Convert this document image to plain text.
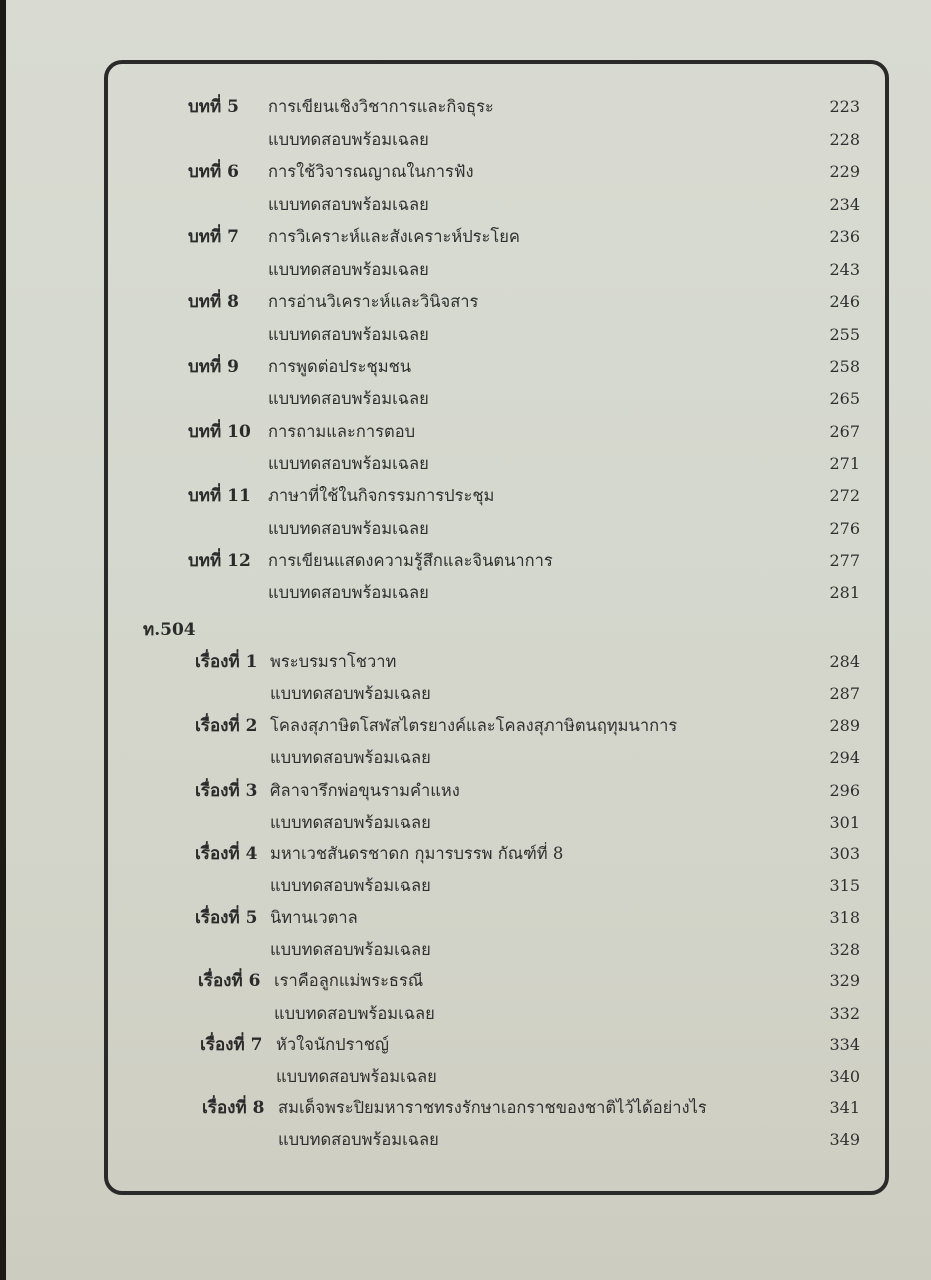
บทที่ 5 การเขียนเชิงวิชาการและกิจธุระ	223
แบบทดสอบพร้อมเฉลย	228
บทที่ 6 การใช้วิจารณญาณในการฟัง	229
แบบทดสอบพร้อมเฉลย	234
บทที่ 7 การวิเคราะห์และสังเคราะห์ประโยค	236
แบบทดสอบพร้อมเฉลย	243
บทที่ 8 การอ่านวิเคราะห์และวินิจสาร	246
แบบทดสอบพร้อมเฉลย	255
บทที่ 9 การพูดต่อประชุมชน	258
แบบทดสอบพร้อมเฉลย	265
บทที่ 10 การถามและการตอบ	267
แบบทดสอบพร้อมเฉลย	271
บทที่ 11 ภาษาที่ใช้ในกิจกรรมการประชุม	272
แบบทดสอบพร้อมเฉลย	276
บทที่ 12 การเขียนแสดงความรู้สึกและจินตนาการ	277
แบบทดสอบพร้อมเฉลย	281
ท.504
เรื่องที่ 1 พระบรมราโชวาท	284
แบบทดสอบพร้อมเฉลย	287
เรื่องที่ 2 โคลงสุภาษิตโสฬสไตรยางค์และโคลงสุภาษิตนฤทุมนาการ	289
แบบทดสอบพร้อมเฉลย	294
เรื่องที่ 3 ศิลาจารึกพ่อขุนรามคำแหง	296
แบบทดสอบพร้อมเฉลย	301
เรื่องที่ 4 มหาเวชสันดรชาดก กุมารบรรพ กัณฑ์ที่ 8	303
แบบทดสอบพร้อมเฉลย	315
เรื่องที่ 5 นิทานเวตาล	318
แบบทดสอบพร้อมเฉลย	328
เรื่องที่ 6 เราคือลูกแม่พระธรณี	329
แบบทดสอบพร้อมเฉลย	332
เรื่องที่ 7 หัวใจนักปราชญ์	334
แบบทดสอบพร้อมเฉลย	340
เรื่องที่ 8 สมเด็จพระปิยมหาราชทรงรักษาเอกราชของชาติไว้ได้อย่างไร	341
แบบทดสอบพร้อมเฉลย	349
